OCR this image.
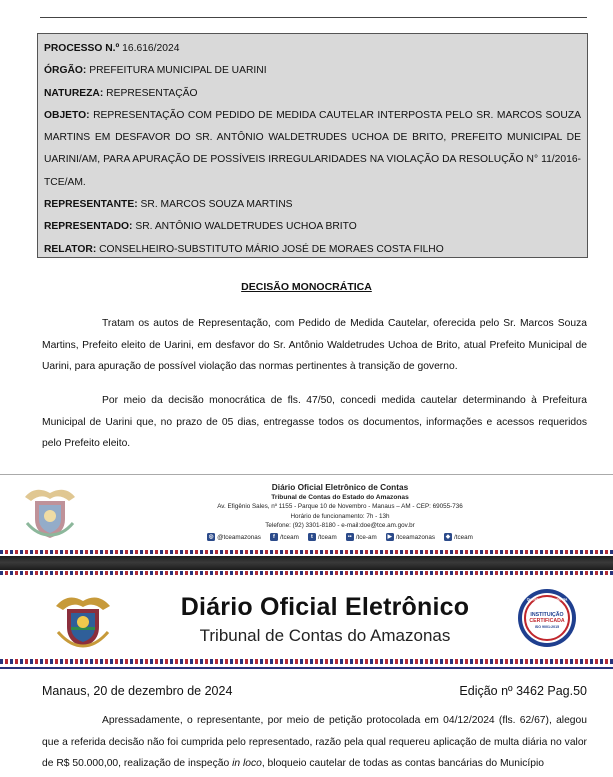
PROCESSO N.º 16.616/2024
ÓRGÃO: PREFEITURA MUNICIPAL DE UARINI
NATUREZA: REPRESENTAÇÃO
OBJETO: REPRESENTAÇÃO COM PEDIDO DE MEDIDA CAUTELAR INTERPOSTA PELO SR. MARCOS SOUZA MARTINS EM DESFAVOR DO SR. ANTÔNIO WALDETRUDES UCHOA DE BRITO, PREFEITO MUNICIPAL DE UARINI/AM, PARA APURAÇÃO DE POSSÍVEIS IRREGULARIDADES NA VIOLAÇÃO DA RESOLUÇÃO N° 11/2016-TCE/AM.
REPRESENTANTE: SR. MARCOS SOUZA MARTINS
REPRESENTADO: SR. ANTÔNIO WALDETRUDES UCHOA BRITO
RELATOR: CONSELHEIRO-SUBSTITUTO MÁRIO JOSÉ DE MORAES COSTA FILHO
DECISÃO MONOCRÁTICA

Tratam os autos de Representação, com Pedido de Medida Cautelar, oferecida pelo Sr. Marcos Souza Martins, Prefeito eleito de Uarini, em desfavor do Sr. Antônio Waldetrudes Uchoa de Brito, atual Prefeito Municipal de Uarini, para apuração de possível violação das normas pertinentes à transição de governo.

Por meio da decisão monocrática de fls. 47/50, concedi medida cautelar determinando à Prefeitura Municipal de Uarini que, no prazo de 05 dias, entregasse todos os documentos, informações e acessos requeridos pelo Prefeito eleito.

Diário Oficial Eletrônico de Contas
Tribunal de Contas do Estado do Amazonas
Av. Efigênio Sales, nº 1155 - Parque 10 de Novembro - Manaus – AM - CEP: 69055-736
Horário de funcionamento: 7h - 13h
Telefone: (92) 3301-8180 - e-mail:doe@tce.am.gov.br
◎ @tceamazonas	f /tceam	t /tceam	•• /tce-am	▶ /tceamazonas	◆ /tceam
Diário Oficial Eletrônico
Tribunal de Contas do Amazonas
Qualidade & Excelência
INSTITUIÇÃO
CERTIFICADA
ISO 9001:2015
Manaus, 20 de dezembro de 2024	Edição nº 3462 Pag.50

Apressadamente, o representante, por meio de petição protocolada em 04/12/2024 (fls. 62/67), alegou que a referida decisão não foi cumprida pelo representado, razão pela qual requereu aplicação de multa diária no valor de R$ 50.000,00, realização de inspeção in loco, bloqueio cautelar de todas as contas bancárias do Município
